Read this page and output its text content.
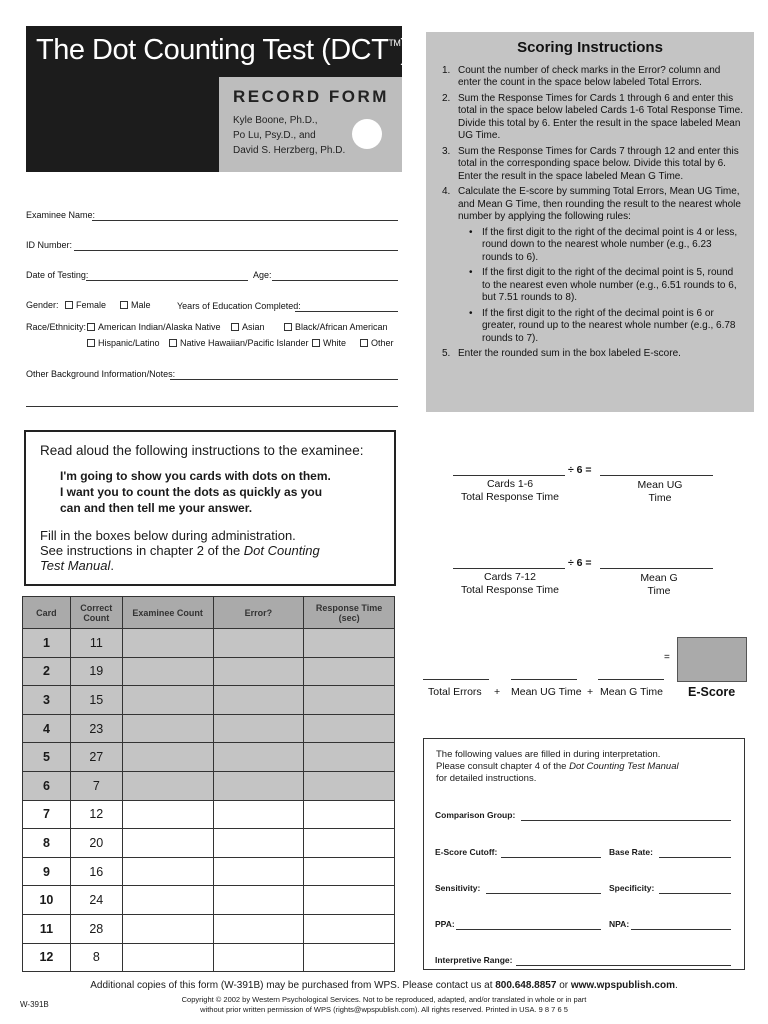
The Dot Counting Test (DCT™)
RECORD FORM
Kyle Boone, Ph.D.,
Po Lu, Psy.D., and
David S. Herzberg, Ph.D.
Scoring Instructions
1. Count the number of check marks in the Error? column and enter the count in the space below labeled Total Errors.
2. Sum the Response Times for Cards 1 through 6 and enter this total in the space below labeled Cards 1-6 Total Response Time. Divide this total by 6. Enter the result in the space labeled Mean UG Time.
3. Sum the Response Times for Cards 7 through 12 and enter this total in the corresponding space below. Divide this total by 6. Enter the result in the space labeled Mean G Time.
4. Calculate the E-score by summing Total Errors, Mean UG Time, and Mean G Time, then rounding the result to the nearest whole number by applying the following rules:
• If the first digit to the right of the decimal point is 4 or less, round down to the nearest whole number (e.g., 6.23 rounds to 6).
• If the first digit to the right of the decimal point is 5, round to the nearest even whole number (e.g., 6.51 rounds to 6, but 7.51 rounds to 8).
• If the first digit to the right of the decimal point is 6 or greater, round up to the nearest whole number (e.g., 6.78 rounds to 7).
5. Enter the rounded sum in the box labeled E-score.
Examinee Name:
ID Number:
Date of Testing:	Age:
Gender:	Female	Male	Years of Education Completed:
Race/Ethnicity:	American Indian/Alaska Native	Asian	Black/African American
Hispanic/Latino	Native Hawaiian/Pacific Islander	White	Other
Other Background Information/Notes:
Read aloud the following instructions to the examinee:
I'm going to show you cards with dots on them.
I want you to count the dots as quickly as you
can and then tell me your answer.
Fill in the boxes below during administration.
See instructions in chapter 2 of the Dot Counting
Test Manual.
Card	Correct Count	Examinee Count	Error?	Response Time (sec)
1	11			
2	19			
3	15			
4	23			
5	27			
6	7			
7	12			
8	20			
9	16			
10	24			
11	28			
12	8			
÷ 6 =
Cards 1-6
Total Response Time
Mean UG
Time
÷ 6 =
Cards 7-12
Total Response Time
Mean G
Time
=
Total Errors + Mean UG Time + Mean G Time E-Score
The following values are filled in during interpretation.
Please consult chapter 4 of the Dot Counting Test Manual
for detailed instructions.
Comparison Group:
E-Score Cutoff:	Base Rate:
Sensitivity:	Specificity:
PPA:	NPA:
Interpretive Range:
Additional copies of this form (W-391B) may be purchased from WPS. Please contact us at 800.648.8857 or www.wpspublish.com.
Copyright © 2002 by Western Psychological Services. Not to be reproduced, adapted, and/or translated in whole or in part
without prior written permission of WPS (rights@wpspublish.com). All rights reserved. Printed in USA. 9 8 7 6 5
W-391B
